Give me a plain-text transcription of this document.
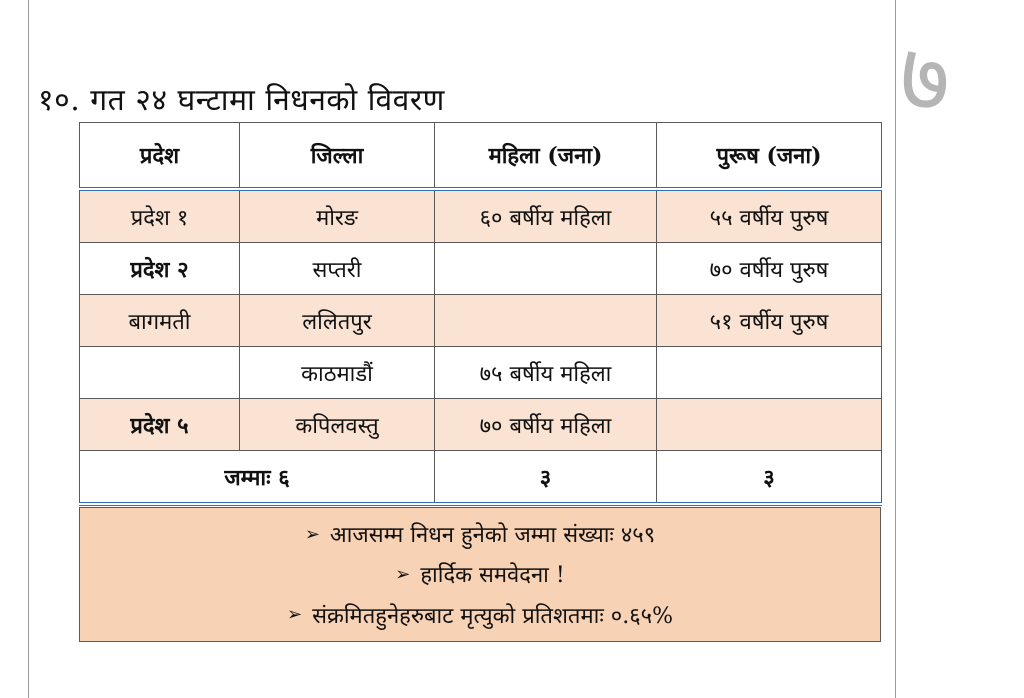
७
१०. गत २४ घन्टामा निधनको विवरण
प्रदेश	जिल्ला	महिला (जना)	पुरूष (जना)
प्रदेश १	मोरङ	६० बर्षीय महिला	५५ वर्षीय पुरुष
प्रदेश २	सप्तरी		७० वर्षीय पुरुष
बागमती	ललितपुर		५१ वर्षीय पुरुष
	काठमाडौं	७५ बर्षीय महिला	
प्रदेश ५	कपिलवस्तु	७० बर्षीय महिला	
जम्माः ६		३	३
➢ आजसम्म निधन हुनेको जम्मा संख्याः ४५९
➢ हार्दिक समवेदना !
➢ संक्रमितहुनेहरुबाट मृत्युको प्रतिशतमाः ०.६५%
